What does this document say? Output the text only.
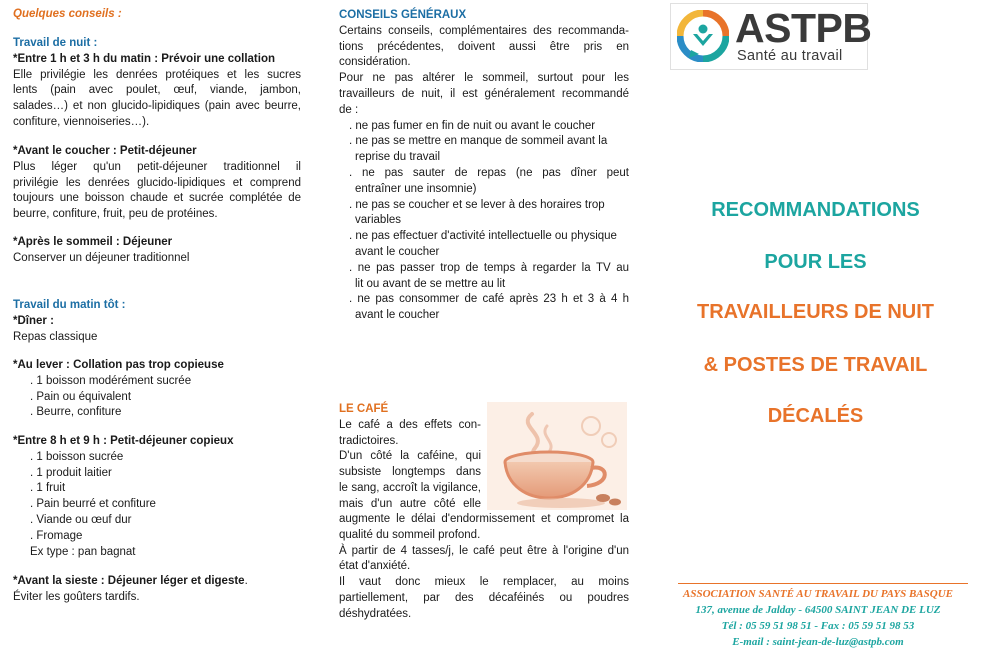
Quelques conseils :
Travail de nuit :
*Entre 1 h et 3 h du matin : Prévoir une collation
Elle privilégie les denrées protéiques et les sucres
lents (pain avec poulet, œuf, viande, jambon,
salades…) et non glucido-lipidiques (pain avec beurre,
confiture, viennoiseries…).
*Avant le coucher : Petit-déjeuner
Plus léger qu'un petit-déjeuner traditionnel il
privilégie les denrées glucido-lipidiques et comprend
toujours une boisson chaude et sucrée complétée de
beurre, confiture, fruit, peu de protéines.
*Après le sommeil : Déjeuner
Conserver un déjeuner traditionnel
Travail du matin tôt :
*Dîner :
Repas classique
*Au lever : Collation pas trop copieuse
. 1 boisson modérément sucrée
. Pain ou équivalent
. Beurre, confiture
*Entre 8 h et 9 h : Petit-déjeuner copieux
. 1 boisson sucrée
. 1 produit laitier
. 1 fruit
. Pain beurré et confiture
. Viande ou œuf dur
. Fromage
Ex type : pan bagnat
*Avant la sieste : Déjeuner léger et digeste.
Éviter les goûters tardifs.
CONSEILS GÉNÉRAUX
Certains conseils, complémentaires des recommanda-
tions précédentes, doivent aussi être pris en
considération.
Pour ne pas altérer le sommeil, surtout pour les
travailleurs de nuit, il est généralement recommandé
de :
. ne pas fumer en fin de nuit ou avant le coucher
. ne pas se mettre en manque de sommeil avant la
reprise du travail
. ne pas sauter de repas (ne pas dîner peut
entraîner une insomnie)
. ne pas se coucher et se lever à des horaires trop
variables
. ne pas effectuer d'activité intellectuelle ou physique
avant le coucher
. ne pas passer trop de temps à regarder la TV au
lit ou avant de se mettre au lit
. ne pas consommer de café après 23 h et 3 à 4 h
avant le coucher
LE CAFÉ
Le café a des effets con-
tradictoires.
D'un côté la caféine, qui
subsiste longtemps dans
le sang, accroît la vigilance,
mais d'un autre côté elle
augmente le délai d'endormissement et compromet la
qualité du sommeil profond.
À partir de 4 tasses/j, le café peut être à l'origine d'un
état d'anxiété.
Il vaut donc mieux le remplacer, au moins
partiellement, par des décaféinés ou poudres
déshydratées.
ASTPB
Santé au travail
RECOMMANDATIONS
POUR LES
TRAVAILLEURS DE NUIT
& POSTES DE TRAVAIL
DÉCALÉS
ASSOCIATION SANTÉ AU TRAVAIL DU PAYS BASQUE
137, avenue de Jalday - 64500 SAINT JEAN DE LUZ
Tél : 05 59 51 98 51 - Fax : 05 59 51 98 53
E-mail : saint-jean-de-luz@astpb.com
